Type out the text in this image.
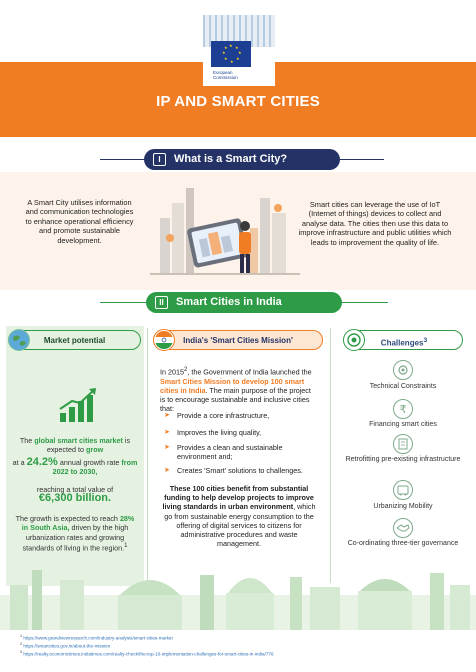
IP AND SMART CITIES
★ ★
★
★
★
★
★
★
European
Commission
I	What is a Smart City?
A Smart City utilises information and communication technologies to enhance operational efficiency and promote sustainable development.
Smart cities can leverage the use of IoT (Internet of things) devices to collect and analyse data. The cities then use this data to improve infrastructure and public utilities which leads to improvement the quality of life.
II	Smart Cities in India
Market potential	India's 'Smart Cities Mission'	Challenges$^3$
The global smart cities market is expected to grow
at a 24.2% annual growth rate from 2022 to 2030,
reaching a total value of
€6,300 billion.
The growth is expected to reach 28% in South Asia, driven by the high urbanization rates and growing standards of living in the region.$^1$
In 2015$^2$, the Government of India launched the Smart Cities Mission to develop 100 smart cities in India. The main purpose of the project is to encourage sustainable and inclusive cities that:
➤ Provide a core infrastructure,
➤ Improves the living quality,
➤ Provides a clean and sustainable environment and;
➤ Creates 'Smart' solutions to challenges.
These 100 cities benefit from substantial funding to help develop projects to improve living standards in urban environment, which go from sustainable energy consumption to the offering of digital services to citizens for administrative procedures and waste management.
Technical Constraints
₹
Financing smart cities
Retrofitting pre-existing infrastructure
Urbanizing Mobility
Co-ordinating three-tier governance
$^1$ https://www.grandviewresearch.com/industry-analysis/smart-cities-market
$^2$ https://smartcities.gov.in/about-the-mission
$^3$ https://realty.economictimes.indiatimes.com/realty-check/the-top-10-implementation-challenges-for-smart-cities-in-india/776
